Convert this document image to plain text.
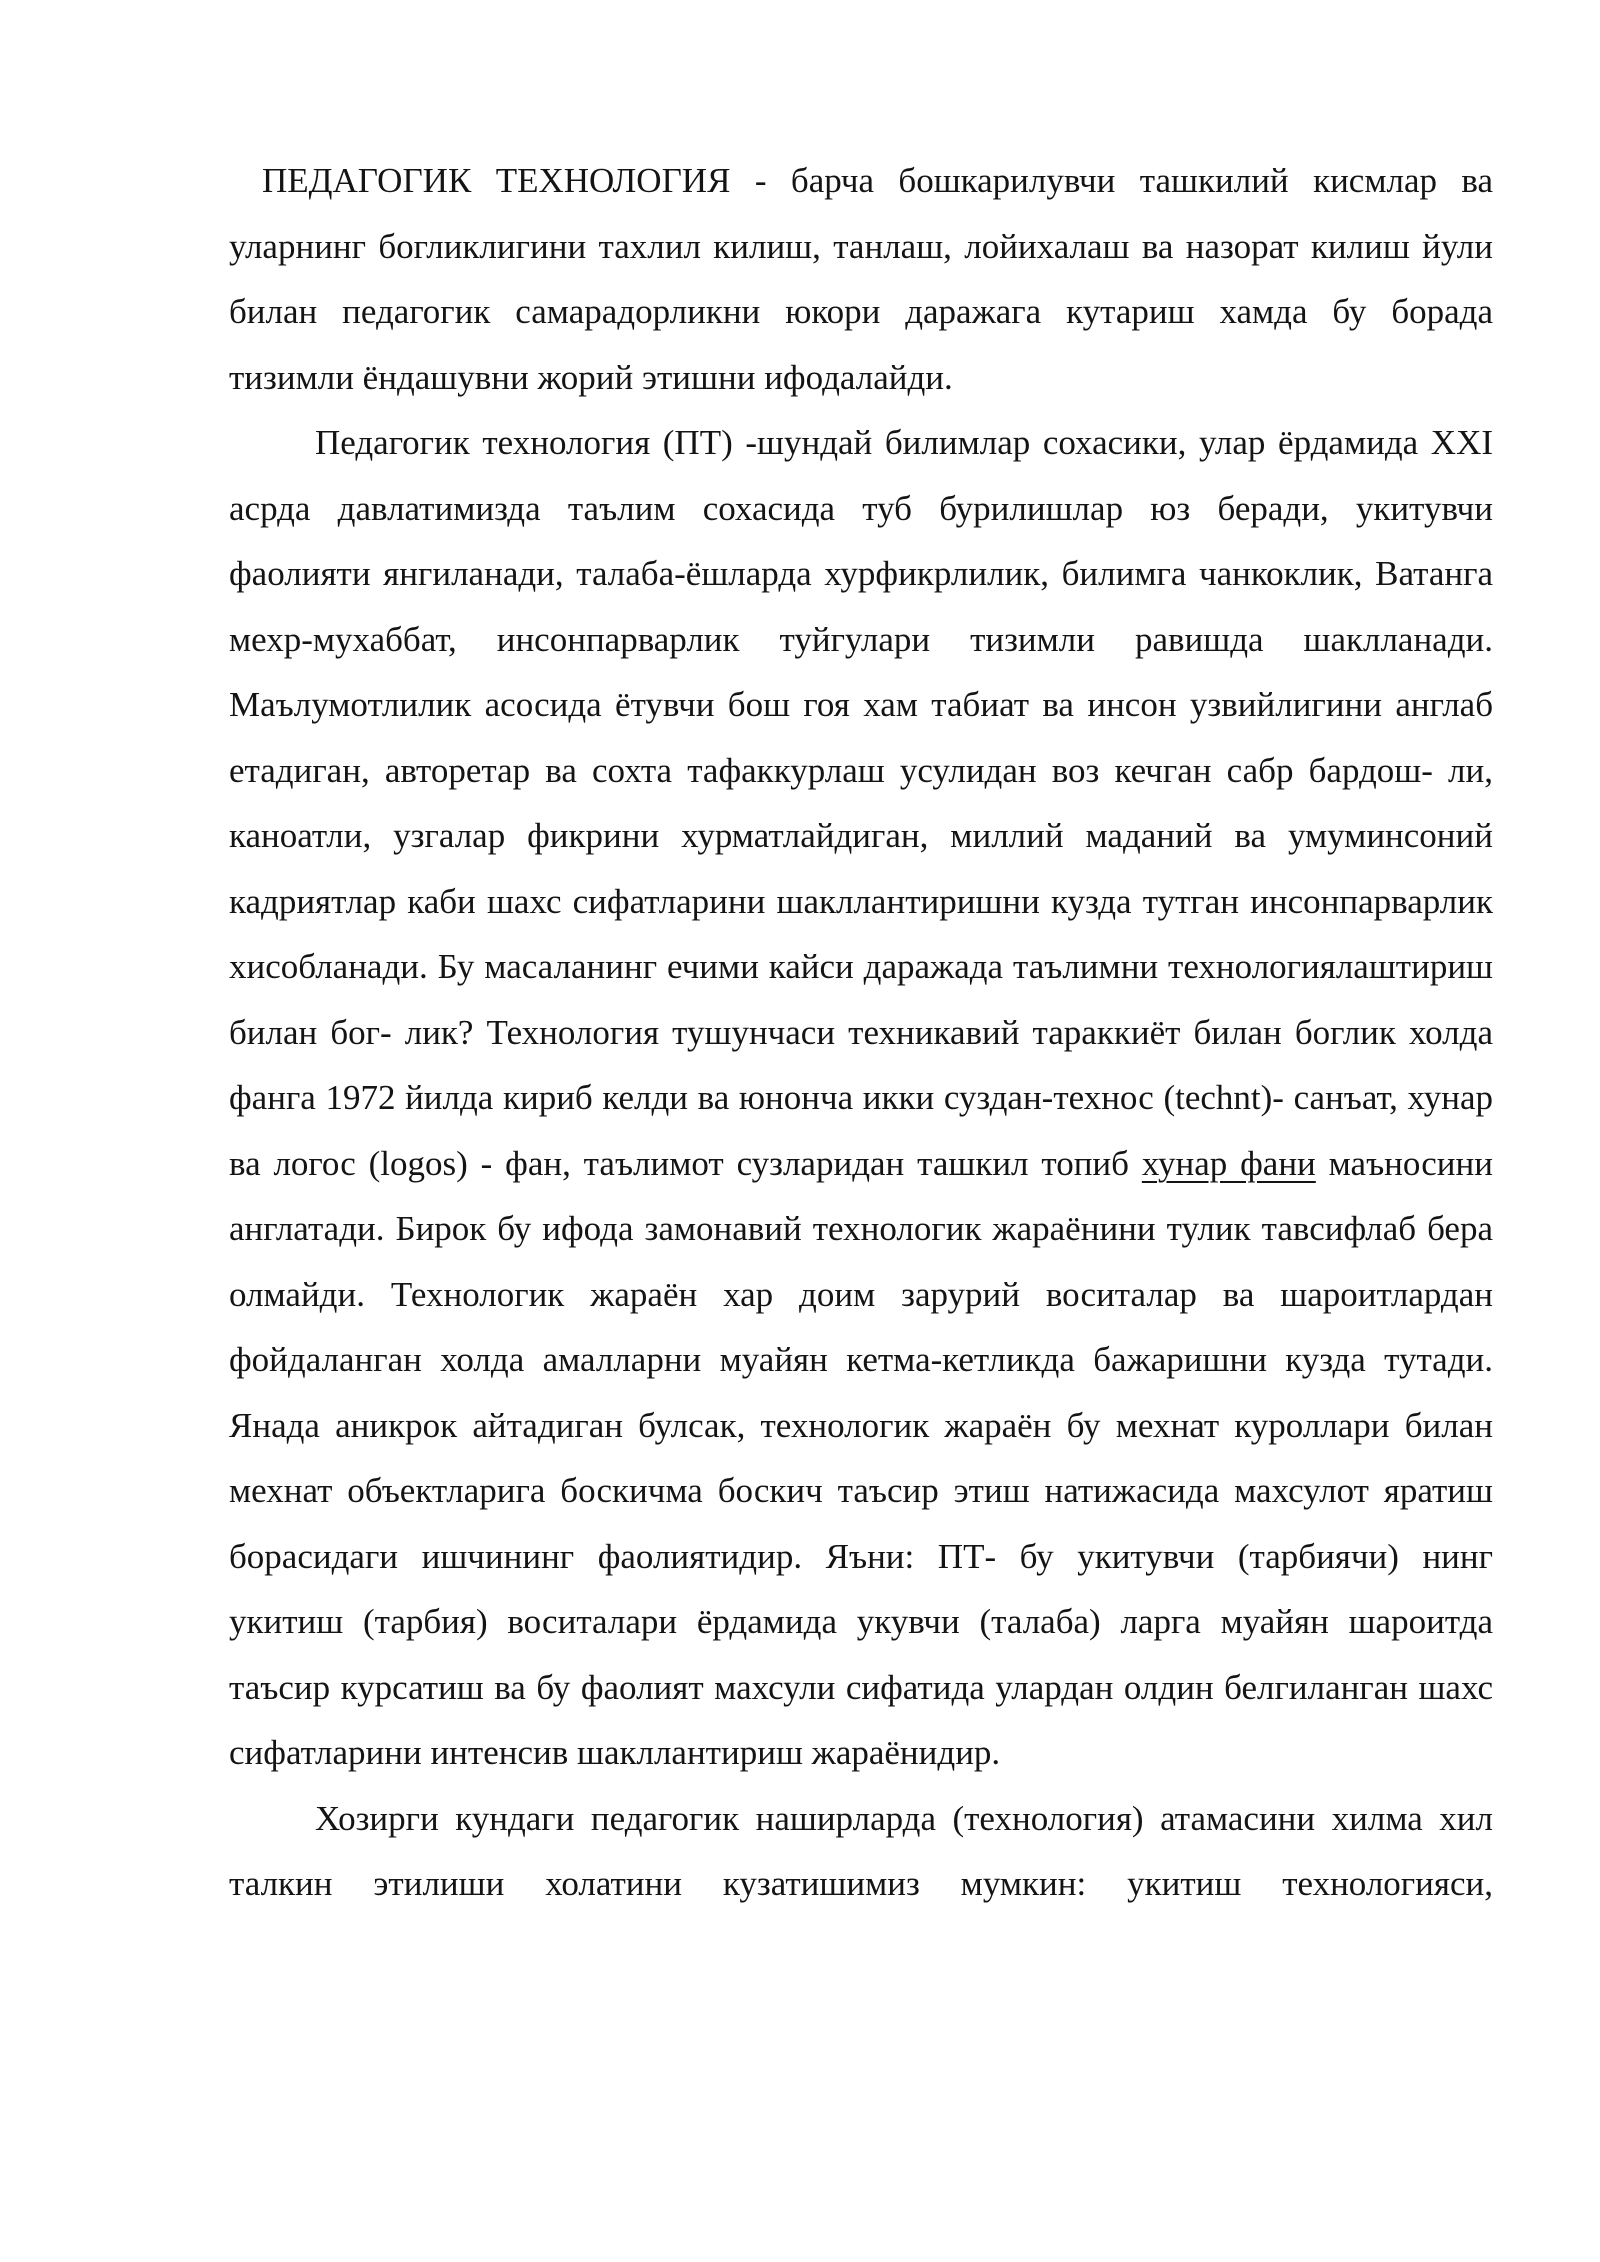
ПЕДАГОГИК ТЕХНОЛОГИЯ - барча бошкарилувчи ташкилий кисмлар ва уларнинг богликлигини тахлил килиш, танлаш, лойихалаш ва назорат килиш йули билан педагогик самарадорликни юкори даражага кутариш хамда бу борада тизимли ёндашувни жорий этишни ифодалайди.

Педагогик технология (ПТ) -шундай билимлар сохасики, улар ёрдамида XXI асрда давлатимизда таълим сохасида туб бурилишлар юз беради, укитувчи фаолияти янгиланади, талаба-ёшларда хурфикрлилик, билимга чанкоклик, Ватанга мехр-мухаббат, инсонпарварлик туйгулари тизимли равишда шаклланади. Маълумотлилик асосида ётувчи бош гоя хам табиат ва инсон узвийлигини англаб етадиган, авторетар ва сохта тафаккурлаш усулидан воз кечган сабр бардош- ли, каноатли, узгалар фикрини хурматлайдиган, миллий маданий ва умуминсоний кадриятлар каби шахс сифатларини шакллантиришни кузда тутган инсонпарварлик хисобланади. Бу масаланинг ечими кайси даражада таълимни технологиялаштириш билан бог- лик? Технология тушунчаси техникавий тараккиёт билан боглик холда фанга 1972 йилда кириб келди ва юнонча икки суздан-технос (technt)- санъат, хунар ва логос (logos) - фан, таълимот сузларидан ташкил топиб хунар фани маъносини англатади. Бирок бу ифода замонавий технологик жараёнини тулик тавсифлаб бера олмайди. Технологик жараён хар доим зарурий воситалар ва шароитлардан фойдаланган холда амалларни муайян кетма-кетликда бажаришни кузда тутади. Янада аникрок айтадиган булсак, технологик жараён бу мехнат куроллари билан мехнат объектларига боскичма боскич таъсир этиш натижасида махсулот яратиш борасидаги ишчининг фаолиятидир. Яъни: ПТ- бу укитувчи (тарбиячи) нинг укитиш (тарбия) воситалари ёрдамида укувчи (талаба) ларга муайян шароитда таъсир курсатиш ва бу фаолият махсули сифатида улардан олдин белгиланган шахс сифатларини интенсив шакллантириш жараёнидир.

Хозирги кундаги педагогик наширларда (технология) атамасини хилма хил талкин этилиши холатини кузатишимиз мумкин: укитиш технологияси,
